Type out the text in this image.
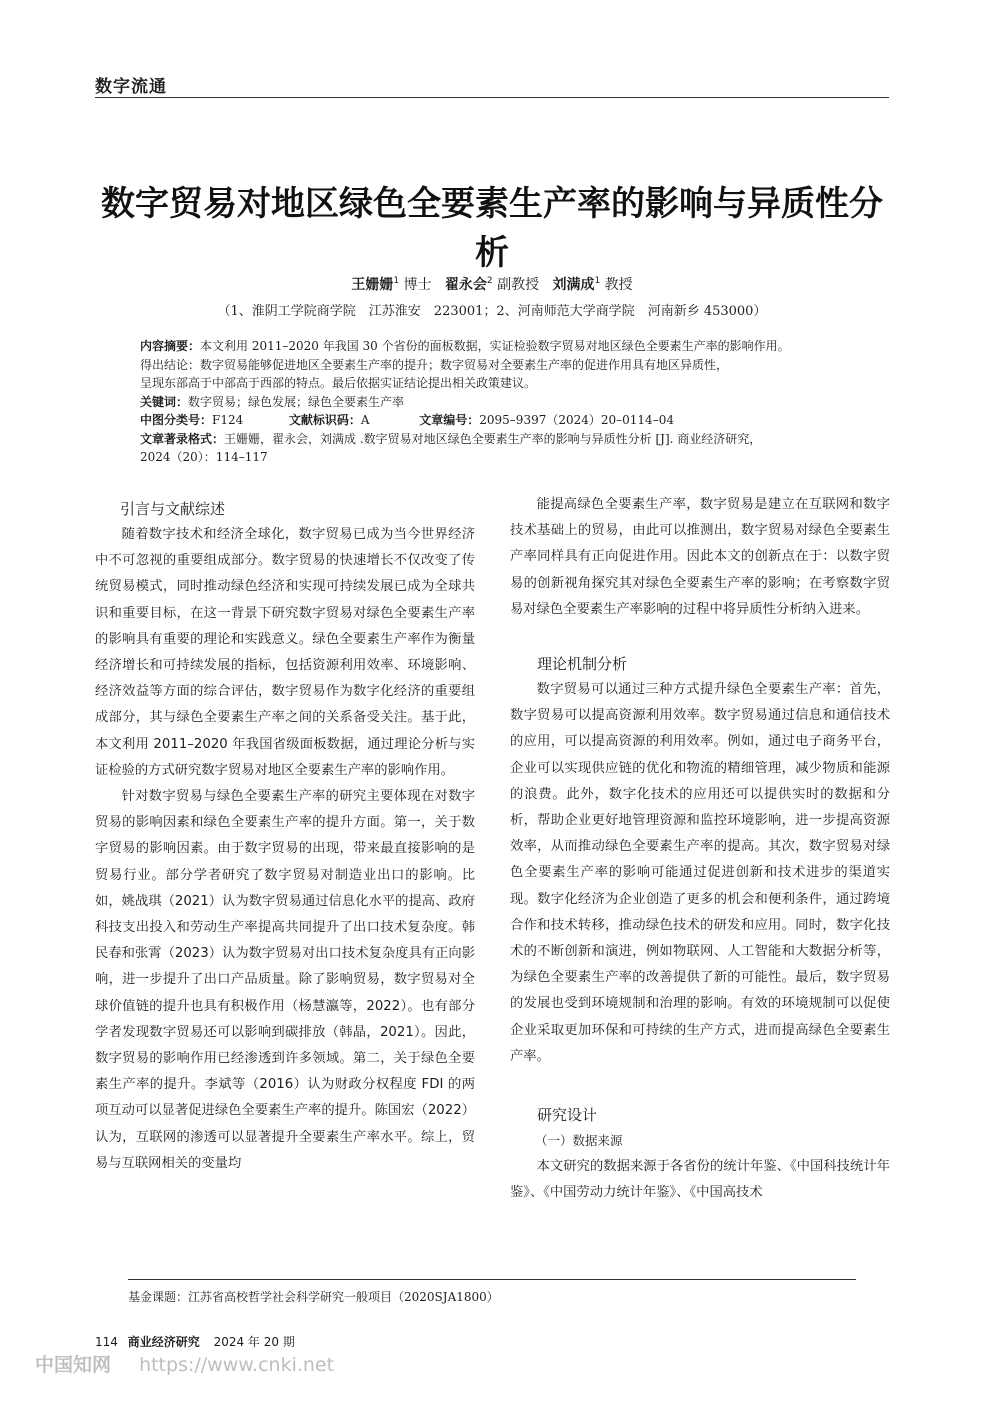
数字流通
数字贸易对地区绿色全要素生产率的影响与异质性分析
王姗姗$^1$ 博士 翟永会$^2$ 副教授 刘满成$^1$ 教授
（1、淮阴工学院商学院　江苏淮安　223001；2、河南师范大学商学院　河南新乡 453000）
内容摘要：本文利用 2011–2020 年我国 30 个省份的面板数据，实证检验数字贸易对地区绿色全要素生产率的影响作用。
得出结论：数字贸易能够促进地区全要素生产率的提升；数字贸易对全要素生产率的促进作用具有地区异质性，
呈现东部高于中部高于西部的特点。最后依据实证结论提出相关政策建议。
关键词：数字贸易；绿色发展；绿色全要素生产率
中图分类号：F124	文献标识码：A	文章编号：2095–9397（2024）20–0114–04
文章著录格式：王姗姗，翟永会，刘满成 .数字贸易对地区绿色全要素生产率的影响与异质性分析 [J]. 商业经济研究，
2024（20）：114–117
引言与文献综述

随着数字技术和经济全球化，数字贸易已成为当今世界经济中不可忽视的重要组成部分。数字贸易的快速增长不仅改变了传统贸易模式，同时推动绿色经济和实现可持续发展已成为全球共识和重要目标，在这一背景下研究数字贸易对绿色全要素生产率的影响具有重要的理论和实践意义。绿色全要素生产率作为衡量经济增长和可持续发展的指标，包括资源利用效率、环境影响、经济效益等方面的综合评估，数字贸易作为数字化经济的重要组成部分，其与绿色全要素生产率之间的关系备受关注。基于此，本文利用 2011–2020 年我国省级面板数据，通过理论分析与实证检验的方式研究数字贸易对地区全要素生产率的影响作用。

针对数字贸易与绿色全要素生产率的研究主要体现在对数字贸易的影响因素和绿色全要素生产率的提升方面。第一，关于数字贸易的影响因素。由于数字贸易的出现，带来最直接影响的是贸易行业。部分学者研究了数字贸易对制造业出口的影响。比如，姚战琪（2021）认为数字贸易通过信息化水平的提高、政府科技支出投入和劳动生产率提高共同提升了出口技术复杂度。韩民春和张霄（2023）认为数字贸易对出口技术复杂度具有正向影响，进一步提升了出口产品质量。除了影响贸易，数字贸易对全球价值链的提升也具有积极作用（杨慧瀛等，2022）。也有部分学者发现数字贸易还可以影响到碳排放（韩晶，2021）。因此，数字贸易的影响作用已经渗透到许多领域。第二，关于绿色全要素生产率的提升。李斌等（2016）认为财政分权程度 FDI 的两项互动可以显著促进绿色全要素生产率的提升。陈国宏（2022）认为，互联网的渗透可以显著提升全要素生产率水平。综上，贸易与互联网相关的变量均

能提高绿色全要素生产率，数字贸易是建立在互联网和数字技术基础上的贸易，由此可以推测出，数字贸易对绿色全要素生产率同样具有正向促进作用。因此本文的创新点在于：以数字贸易的创新视角探究其对绿色全要素生产率的影响；在考察数字贸易对绿色全要素生产率影响的过程中将异质性分析纳入进来。

理论机制分析

数字贸易可以通过三种方式提升绿色全要素生产率：首先，数字贸易可以提高资源利用效率。数字贸易通过信息和通信技术的应用，可以提高资源的利用效率。例如，通过电子商务平台，企业可以实现供应链的优化和物流的精细管理，减少物质和能源的浪费。此外，数字化技术的应用还可以提供实时的数据和分析，帮助企业更好地管理资源和监控环境影响，进一步提高资源效率，从而推动绿色全要素生产率的提高。其次，数字贸易对绿色全要素生产率的影响可能通过促进创新和技术进步的渠道实现。数字化经济为企业创造了更多的机会和便利条件，通过跨境合作和技术转移，推动绿色技术的研发和应用。同时，数字化技术的不断创新和演进，例如物联网、人工智能和大数据分析等，为绿色全要素生产率的改善提供了新的可能性。最后，数字贸易的发展也受到环境规制和治理的影响。有效的环境规制可以促使企业采取更加环保和可持续的生产方式，进而提高绿色全要素生产率。

研究设计
（一）数据来源

本文研究的数据来源于各省份的统计年鉴、《中国科技统计年鉴》、《中国劳动力统计年鉴》、《中国高技术

基金课题：江苏省高校哲学社会科学研究一般项目（2020SJA1800）
114 商业经济研究 2024 年 20 期
中国知网 https://www.cnki.net
